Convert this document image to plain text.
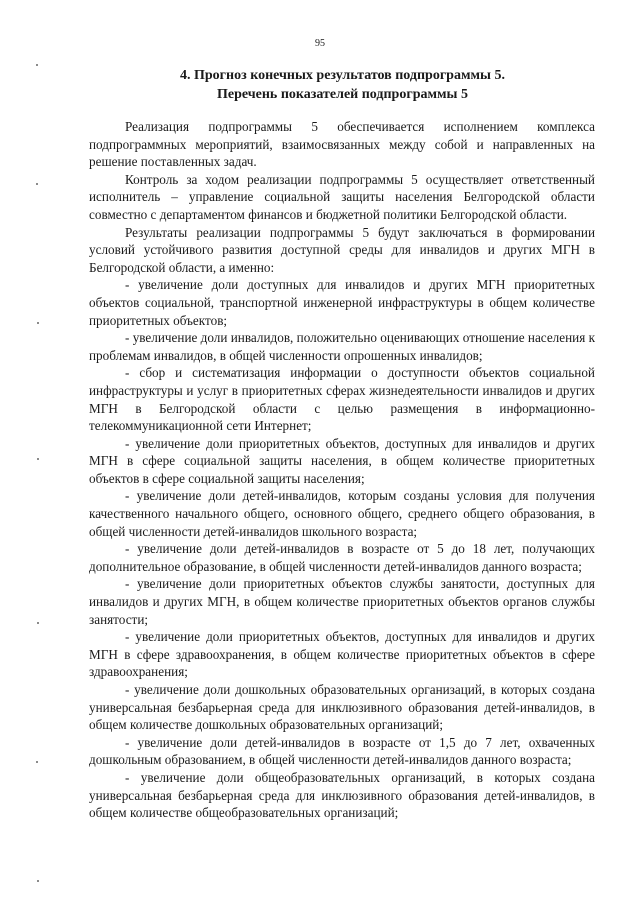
95
4. Прогноз конечных результатов подпрограммы 5.
Перечень показателей подпрограммы 5

Реализация подпрограммы 5 обеспечивается исполнением комплекса подпрограммных мероприятий, взаимосвязанных между собой и направленных на решение поставленных задач.

Контроль за ходом реализации подпрограммы 5 осуществляет ответственный исполнитель – управление социальной защиты населения Белгородской области совместно с департаментом финансов и бюджетной политики Белгородской области.

Результаты реализации подпрограммы 5 будут заключаться в формировании условий устойчивого развития доступной среды для инвалидов и других МГН в Белгородской области, а именно:

- увеличение доли доступных для инвалидов и других МГН приоритетных объектов социальной, транспортной инженерной инфраструктуры в общем количестве приоритетных объектов;

- увеличение доли инвалидов, положительно оценивающих отношение населения к проблемам инвалидов, в общей численности опрошенных инвалидов;

- сбор и систематизация информации о доступности объектов социальной инфраструктуры и услуг в приоритетных сферах жизнедеятельности инвалидов и других МГН в Белгородской области с целью размещения в информационно-телекоммуникационной сети Интернет;

- увеличение доли приоритетных объектов, доступных для инвалидов и других МГН в сфере социальной защиты населения, в общем количестве приоритетных объектов в сфере социальной защиты населения;

- увеличение доли детей-инвалидов, которым созданы условия для получения качественного начального общего, основного общего, среднего общего образования, в общей численности детей-инвалидов школьного возраста;

- увеличение доли детей-инвалидов в возрасте от 5 до 18 лет, получающих дополнительное образование, в общей численности детей-инвалидов данного возраста;

- увеличение доли приоритетных объектов службы занятости, доступных для инвалидов и других МГН, в общем количестве приоритетных объектов органов службы занятости;

- увеличение доли приоритетных объектов, доступных для инвалидов и других МГН в сфере здравоохранения, в общем количестве приоритетных объектов в сфере здравоохранения;

- увеличение доли дошкольных образовательных организаций, в которых создана универсальная безбарьерная среда для инклюзивного образования детей-инвалидов, в общем количестве дошкольных образовательных организаций;

- увеличение доли детей-инвалидов в возрасте от 1,5 до 7 лет, охваченных дошкольным образованием, в общей численности детей-инвалидов данного возраста;

- увеличение доли общеобразовательных организаций, в которых создана универсальная безбарьерная среда для инклюзивного образования детей-инвалидов, в общем количестве общеобразовательных организаций;
